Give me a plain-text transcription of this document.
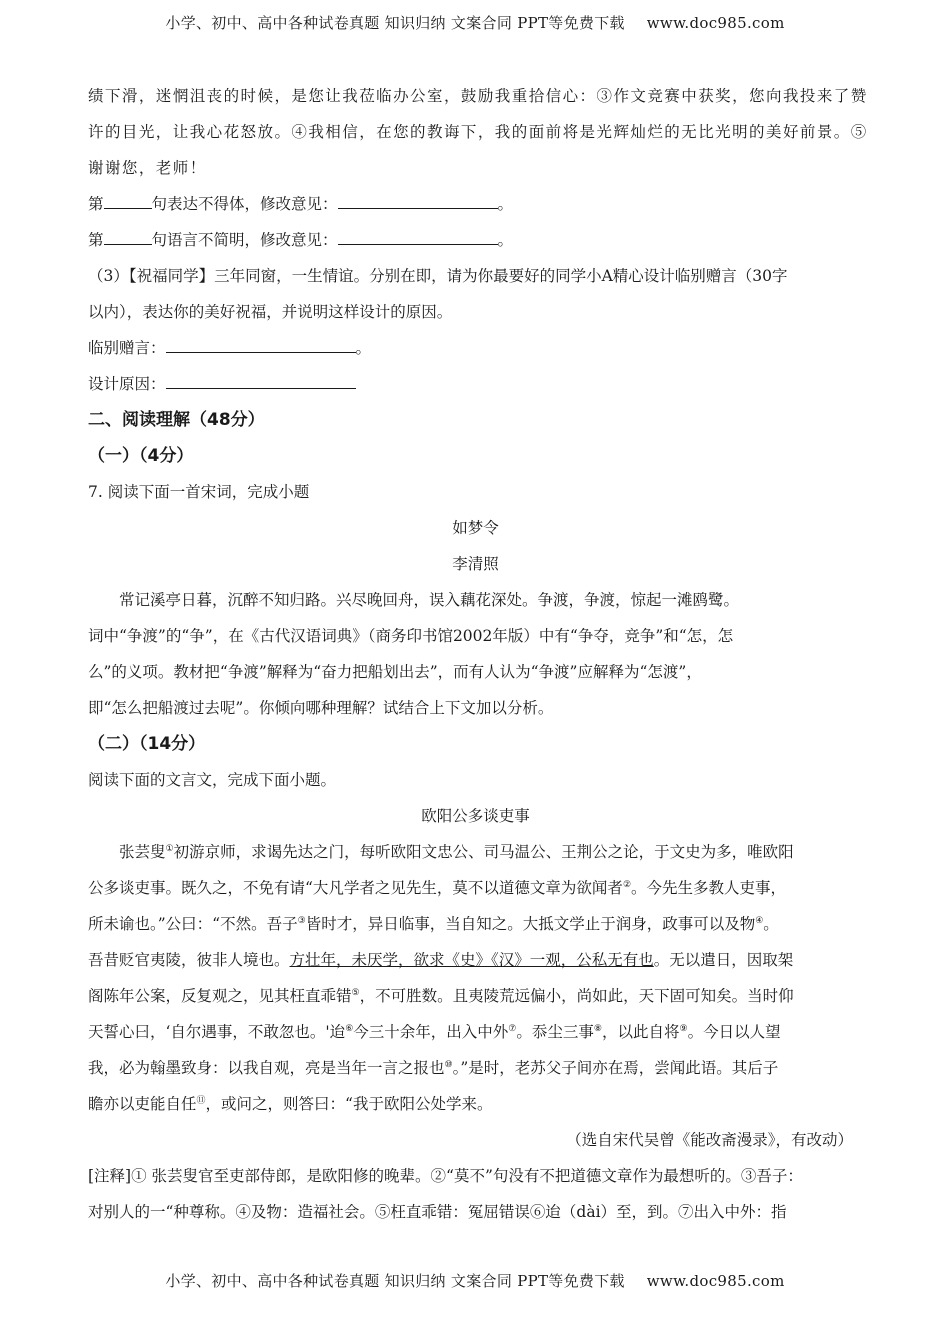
小学、初中、高中各种试卷真题 知识归纳 文案合同 PPT等免费下载 www.doc985.com
绩下滑，迷惘沮丧的时候，是您让我莅临办公室，鼓励我重拾信心：③作文竞赛中获奖，您向我投来了赞
许的目光，让我心花怒放。④我相信，在您的教诲下，我的面前将是光辉灿烂的无比光明的美好前景。⑤
谢谢您，老师！
第	句表达不得体，修改意见：	。
第	句语言不简明，修改意见：	。
（3）【祝福同学】三年同窗，一生情谊。分别在即，请为你最要好的同学小A精心设计临别赠言（30字
以内），表达你的美好祝福，并说明这样设计的原因。
临别赠言：	。
设计原因：
二、阅读理解（48分）
（一）（4分）
7. 阅读下面一首宋词，完成小题
如梦令
李清照
常记溪亭日暮，沉醉不知归路。兴尽晚回舟，误入藕花深处。争渡，争渡，惊起一滩鸥鹭。
词中“争渡”的“争”，在《古代汉语词典》（商务印书馆2002年版）中有“争夺，竞争”和“怎，怎
么”的义项。教材把“争渡”解释为“奋力把船划出去”，而有人认为“争渡”应解释为“怎渡”，
即“怎么把船渡过去呢”。你倾向哪种理解？试结合上下文加以分析。
（二）（14分）
阅读下面的文言文，完成下面小题。
欧阳公多谈吏事
张芸叟①初游京师，求谒先达之门，每听欧阳文忠公、司马温公、王荆公之论，于文史为多，唯欧阳
公多谈吏事。既久之，不免有请“大凡学者之见先生，莫不以道德文章为欲闻者②。今先生多教人吏事，
所未谕也。”公曰：“不然。吾子③皆时才，异日临事，当自知之。大抵文学止于润身，政事可以及物④。
吾昔贬官夷陵，彼非人境也。方壮年，未厌学，欲求《史》《汉》一观，公私无有也。无以遣日，因取架
阁陈年公案，反复观之，见其枉直乖错⑤，不可胜数。且夷陵荒远偏小，尚如此，天下固可知矣。当时仰
天誓心曰，‘自尔遇事，不敢忽也。'迨⑥今三十余年，出入中外⑦。忝尘三事⑧，以此自将⑨。今日以人望
我，必为翰墨致身：以我自观，亮是当年一言之报也⑩。”是时，老苏父子间亦在焉，尝闻此语。其后子
瞻亦以吏能自任⑪，或问之，则答曰：“我于欧阳公处学来。
（选自宋代吴曾《能改斋漫录》，有改动）
[注释]① 张芸叟官至吏部侍郎，是欧阳修的晚辈。②“莫不”句没有不把道德文章作为最想听的。③吾子：
对别人的一“种尊称。④及物：造福社会。⑤枉直乖错：冤屈错误⑥迨（dài）至，到。⑦出入中外：指
小学、初中、高中各种试卷真题 知识归纳 文案合同 PPT等免费下载 www.doc985.com
